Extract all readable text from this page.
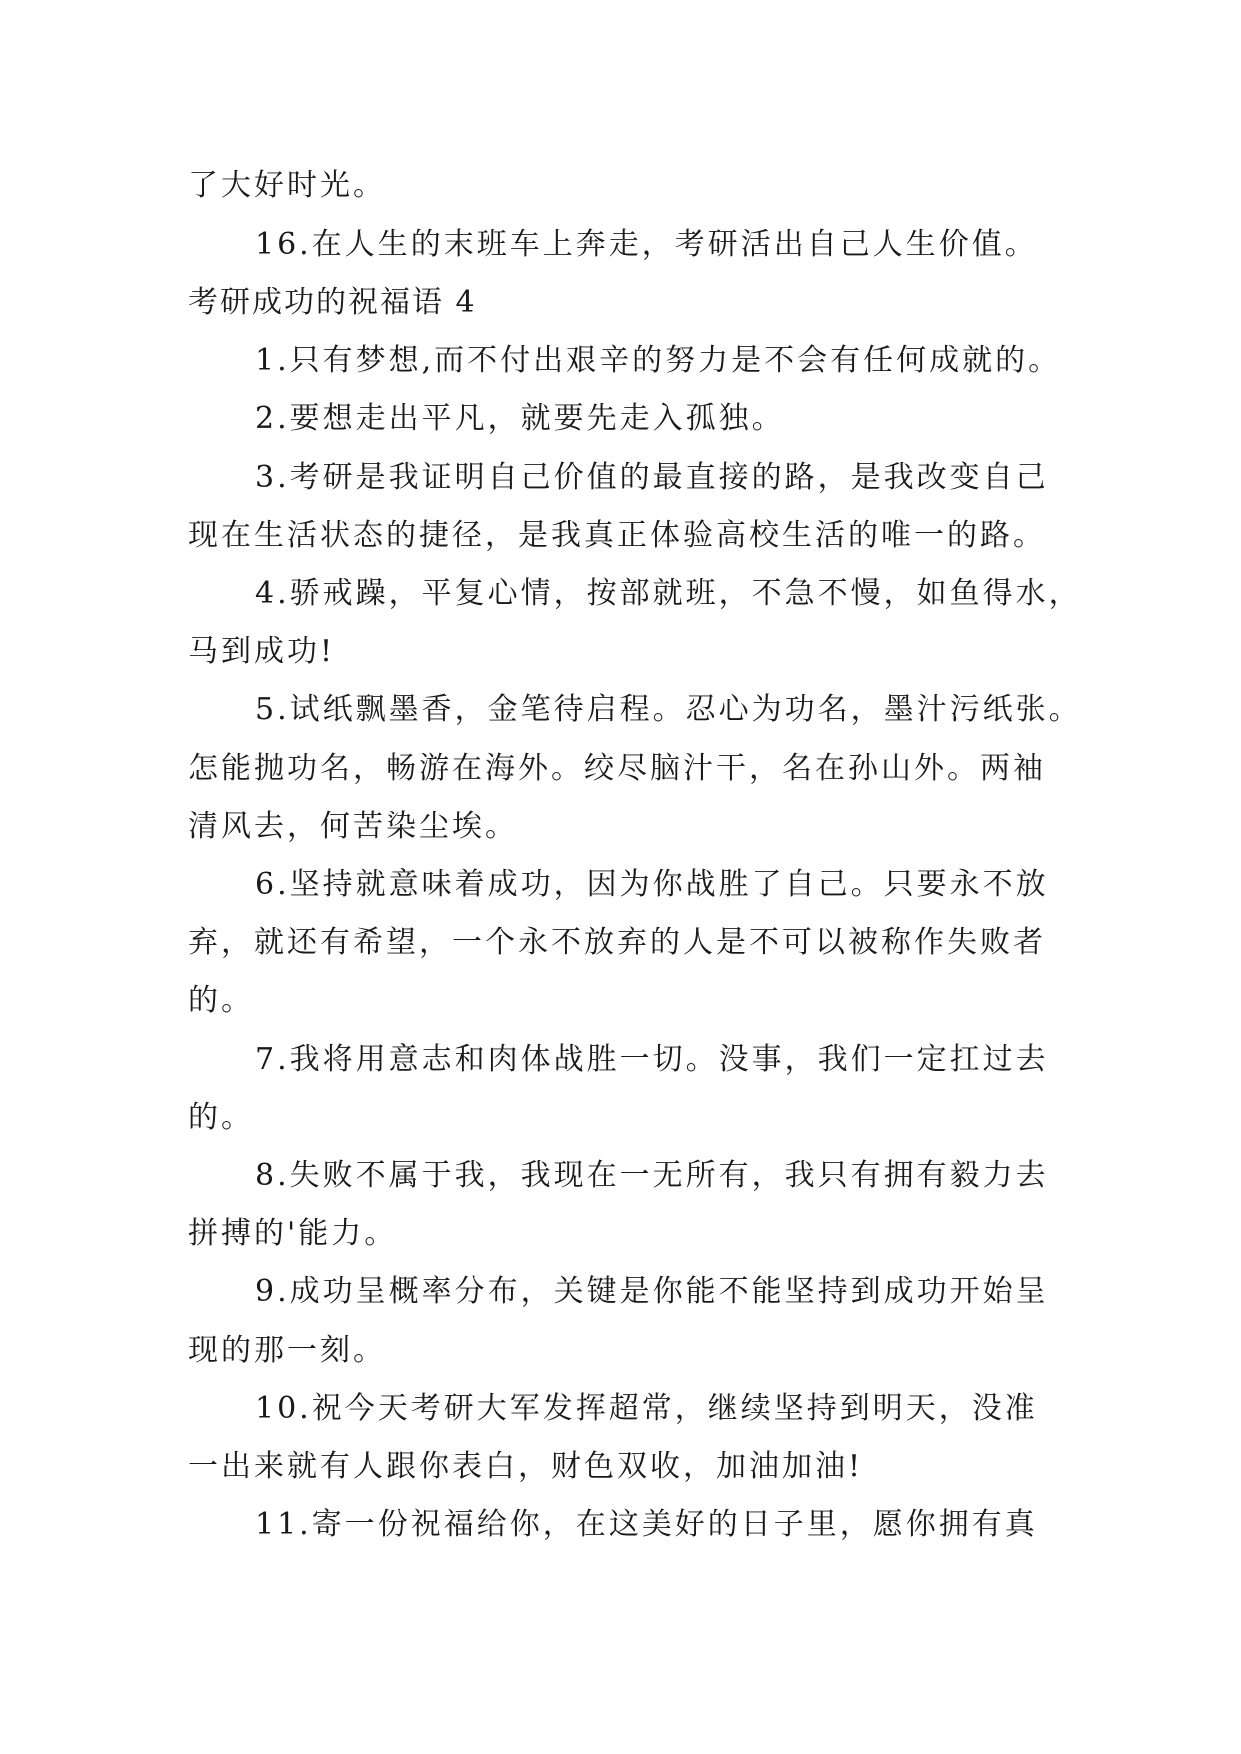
了大好时光。
16.在人生的末班车上奔走，考研活出自己人生价值。
考研成功的祝福语 4
1.只有梦想,而不付出艰辛的努力是不会有任何成就的。
2.要想走出平凡，就要先走入孤独。
3.考研是我证明自己价值的最直接的路，是我改变自己
现在生活状态的捷径，是我真正体验高校生活的唯一的路。
4.骄戒躁，平复心情，按部就班，不急不慢，如鱼得水，
马到成功!
5.试纸飘墨香，金笔待启程。忍心为功名，墨汁污纸张。
怎能抛功名，畅游在海外。绞尽脑汁干，名在孙山外。两袖
清风去，何苦染尘埃。
6.坚持就意味着成功，因为你战胜了自己。只要永不放
弃，就还有希望，一个永不放弃的人是不可以被称作失败者
的。
7.我将用意志和肉体战胜一切。没事，我们一定扛过去
的。
8.失败不属于我，我现在一无所有，我只有拥有毅力去
拼搏的'能力。
9.成功呈概率分布，关键是你能不能坚持到成功开始呈
现的那一刻。
10.祝今天考研大军发挥超常，继续坚持到明天，没准
一出来就有人跟你表白，财色双收，加油加油!
11.寄一份祝福给你，在这美好的日子里，愿你拥有真
